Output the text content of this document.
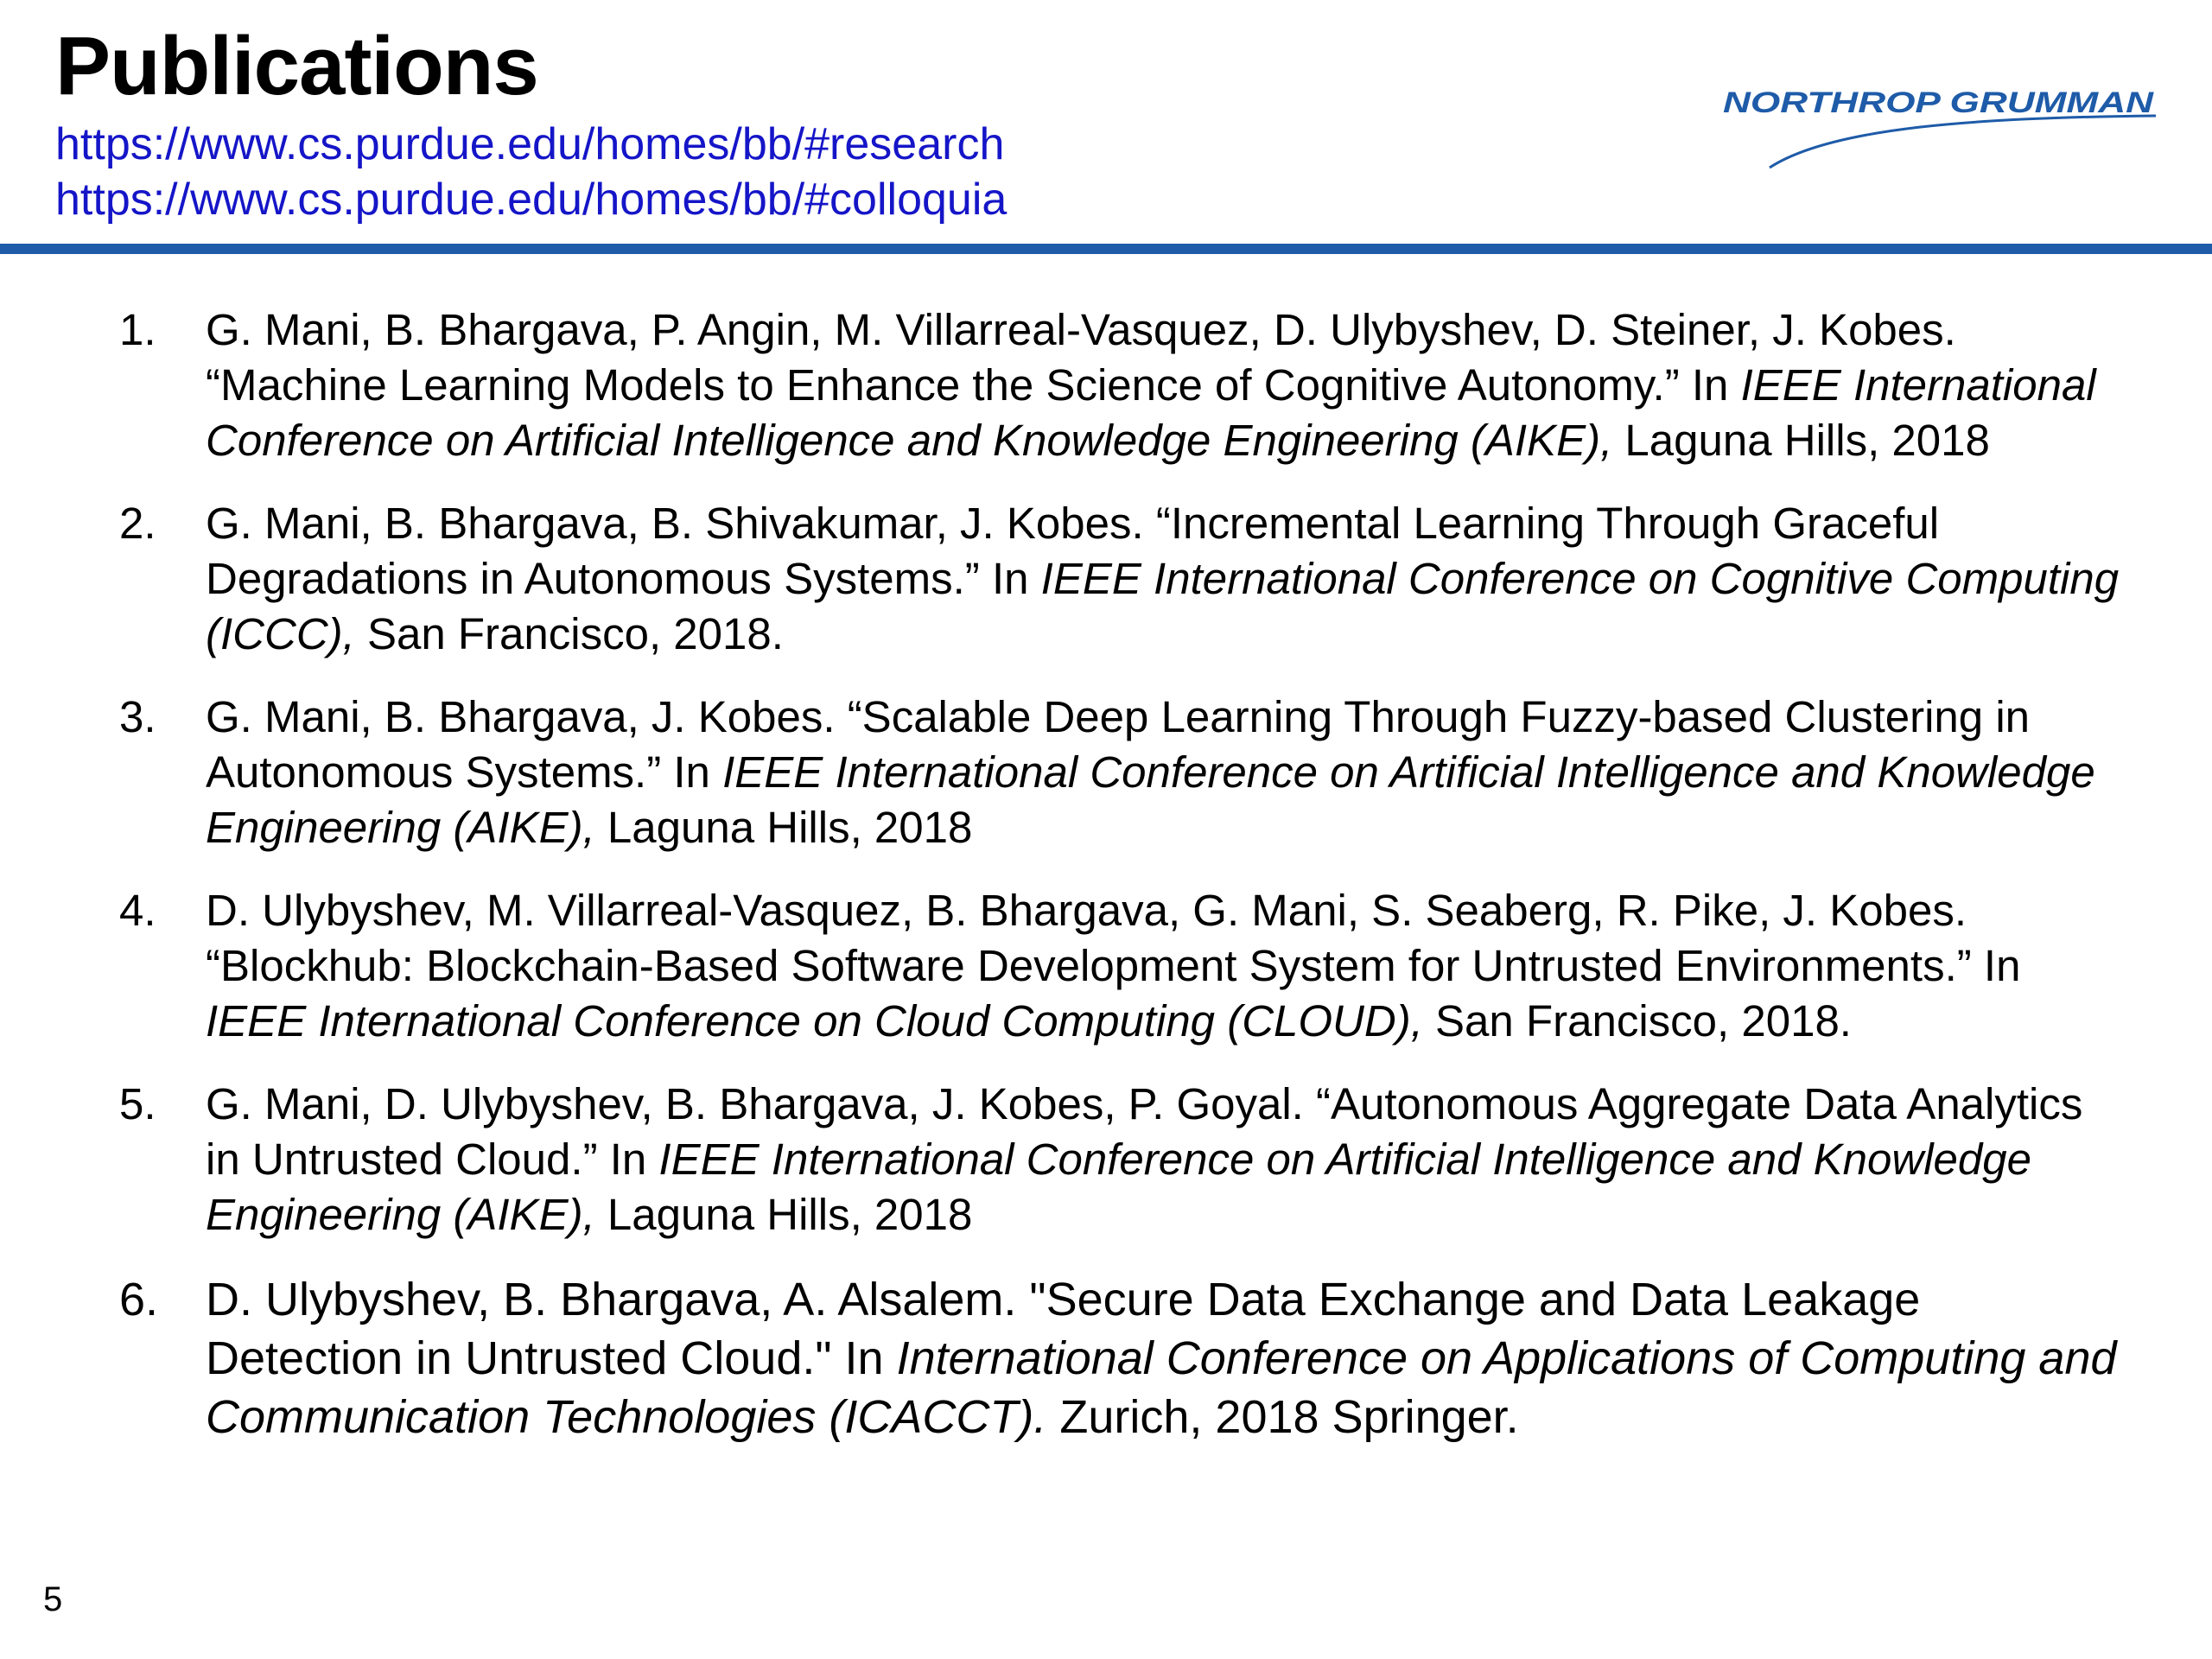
Publications
https://www.cs.purdue.edu/homes/bb/#research
https://www.cs.purdue.edu/homes/bb/#colloquia
NORTHROP GRUMMAN
1. G. Mani, B. Bhargava, P. Angin, M. Villarreal-Vasquez, D. Ulybyshev, D. Steiner, J. Kobes. “Machine Learning Models to Enhance the Science of Cognitive Autonomy.” In IEEE International Conference on Artificial Intelligence and Knowledge Engineering (AIKE), Laguna Hills, 2018
2. G. Mani, B. Bhargava, B. Shivakumar, J. Kobes. “Incremental Learning Through Graceful Degradations in Autonomous Systems.” In IEEE International Conference on Cognitive Computing (ICCC), San Francisco, 2018.
3. G. Mani, B. Bhargava, J. Kobes. “Scalable Deep Learning Through Fuzzy-based Clustering in Autonomous Systems.” In IEEE International Conference on Artificial Intelligence and Knowledge Engineering (AIKE), Laguna Hills, 2018
4. D. Ulybyshev, M. Villarreal-Vasquez, B. Bhargava, G. Mani, S. Seaberg, R. Pike, J. Kobes. “Blockhub: Blockchain-Based Software Development System for Untrusted Environments.” In IEEE International Conference on Cloud Computing (CLOUD), San Francisco, 2018.
5. G. Mani, D. Ulybyshev, B. Bhargava, J. Kobes, P. Goyal. “Autonomous Aggregate Data Analytics in Untrusted Cloud.” In IEEE International Conference on Artificial Intelligence and Knowledge Engineering (AIKE), Laguna Hills, 2018
6. D. Ulybyshev, B. Bhargava, A. Alsalem. "Secure Data Exchange and Data Leakage Detection in Untrusted Cloud." In International Conference on Applications of Computing and Communication Technologies (ICACCT). Zurich, 2018 Springer.
5
